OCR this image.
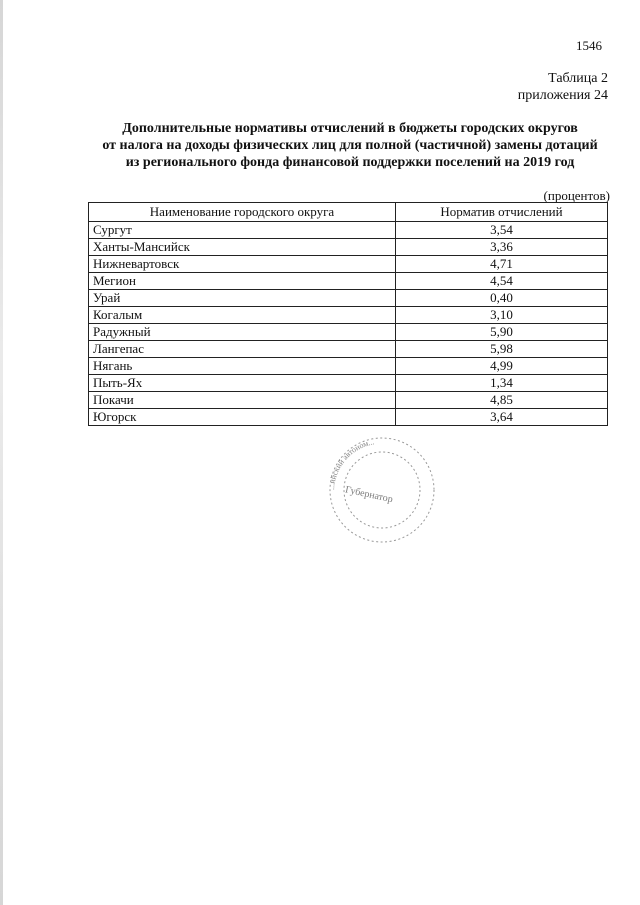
1546
Таблица 2
приложения 24
Дополнительные нормативы отчислений в бюджеты городских округов
от налога на доходы физических лиц для полной (частичной) замены дотаций
из регионального фонда финансовой поддержки поселений на 2019 год
(процентов)
Наименование городского округа	Норматив отчислений
Сургут	3,54
Ханты-Мансийск	3,36
Нижневартовск	4,71
Мегион	4,54
Урай	0,40
Когалым	3,10
Радужный	5,90
Лангепас	5,98
Нягань	4,99
Пыть-Ях	1,34
Покачи	4,85
Югорск	3,64
...ийский автоном...
Губернатор
